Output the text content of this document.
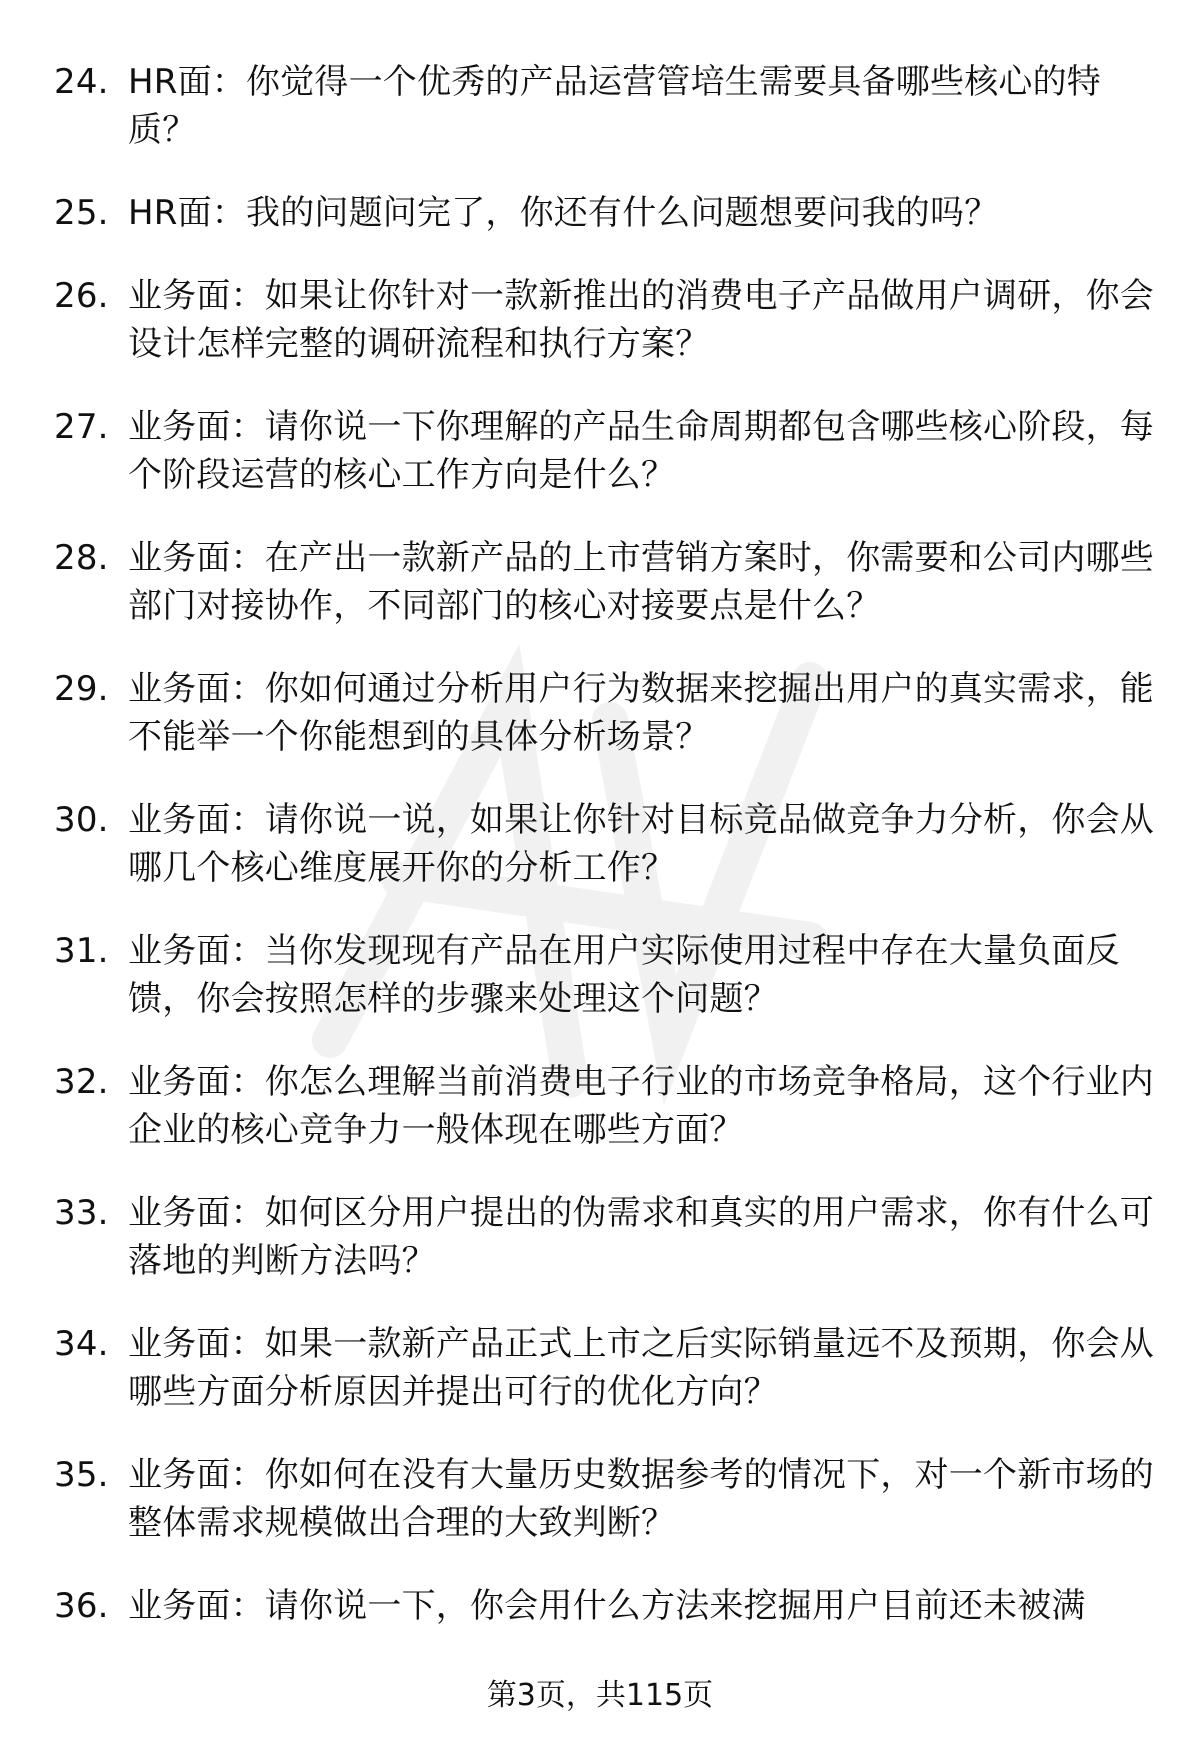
24. HR面：你觉得一个优秀的产品运营管培生需要具备哪些核心的特质？
25. HR面：我的问题问完了，你还有什么问题想要问我的吗？
26. 业务面：如果让你针对一款新推出的消费电子产品做用户调研，你会设计怎样完整的调研流程和执行方案？
27. 业务面：请你说一下你理解的产品生命周期都包含哪些核心阶段，每个阶段运营的核心工作方向是什么？
28. 业务面：在产出一款新产品的上市营销方案时，你需要和公司内哪些部门对接协作，不同部门的核心对接要点是什么？
29. 业务面：你如何通过分析用户行为数据来挖掘出用户的真实需求，能不能举一个你能想到的具体分析场景？
30. 业务面：请你说一说，如果让你针对目标竞品做竞争力分析，你会从哪几个核心维度展开你的分析工作？
31. 业务面：当你发现现有产品在用户实际使用过程中存在大量负面反馈，你会按照怎样的步骤来处理这个问题？
32. 业务面：你怎么理解当前消费电子行业的市场竞争格局，这个行业内企业的核心竞争力一般体现在哪些方面？
33. 业务面：如何区分用户提出的伪需求和真实的用户需求，你有什么可落地的判断方法吗？
34. 业务面：如果一款新产品正式上市之后实际销量远不及预期，你会从哪些方面分析原因并提出可行的优化方向？
35. 业务面：你如何在没有大量历史数据参考的情况下，对一个新市场的整体需求规模做出合理的大致判断？
36. 业务面：请你说一下，你会用什么方法来挖掘用户目前还未被满
第3页，共115页
